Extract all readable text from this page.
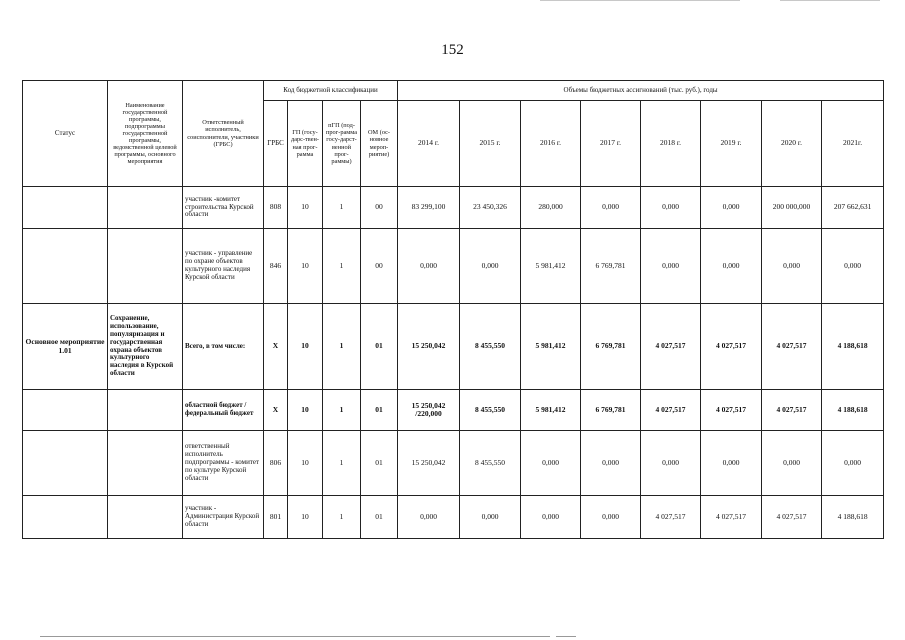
152
Статус	Наименование государственной программы, подпрограммы государственной программы, ведомственной целевой программы, основного мероприятия	Ответственный исполнитель, соисполнители, участники (ГРБС)	Код бюджетной классификации				Объемы бюджетных ассигнований (тыс. руб.), годы							
			ГРБС	ГП (госу-дарс-твен-ная прог-рамма	пГП (под-прог-рамма госу-дарст-венной прог-раммы)	ОМ (ос-новное мероп-риятие)	2014 г.	2015 г.	2016 г.	2017 г.	2018 г.	2019 г.	2020 г.	2021г.
		участник -комитет строительства Курской области	808	10	1	00	83 299,100	23 450,326	280,000	0,000	0,000	0,000	200 000,000	207 662,631
		участник - управление по охране объектов культурного наследия Курской области	846	10	1	00	0,000	0,000	5 981,412	6 769,781	0,000	0,000	0,000	0,000
Основное мероприятие 1.01	Сохранение, использование, популяризация и государственная охрана объектов культурного наследия в Курской области	Всего, в том числе:	X	10	1	01	15 250,042	8 455,550	5 981,412	6 769,781	4 027,517	4 027,517	4 027,517	4 188,618
		областной бюджет /федеральный бюджет	X	10	1	01	15 250,042 /220,000	8 455,550	5 981,412	6 769,781	4 027,517	4 027,517	4 027,517	4 188,618
		ответственный исполнитель подпрограммы - комитет по культуре Курской области	806	10	1	01	15 250,042	8 455,550	0,000	0,000	0,000	0,000	0,000	0,000
		участник - Администрация Курской области	801	10	1	01	0,000	0,000	0,000	0,000	4 027,517	4 027,517	4 027,517	4 188,618
